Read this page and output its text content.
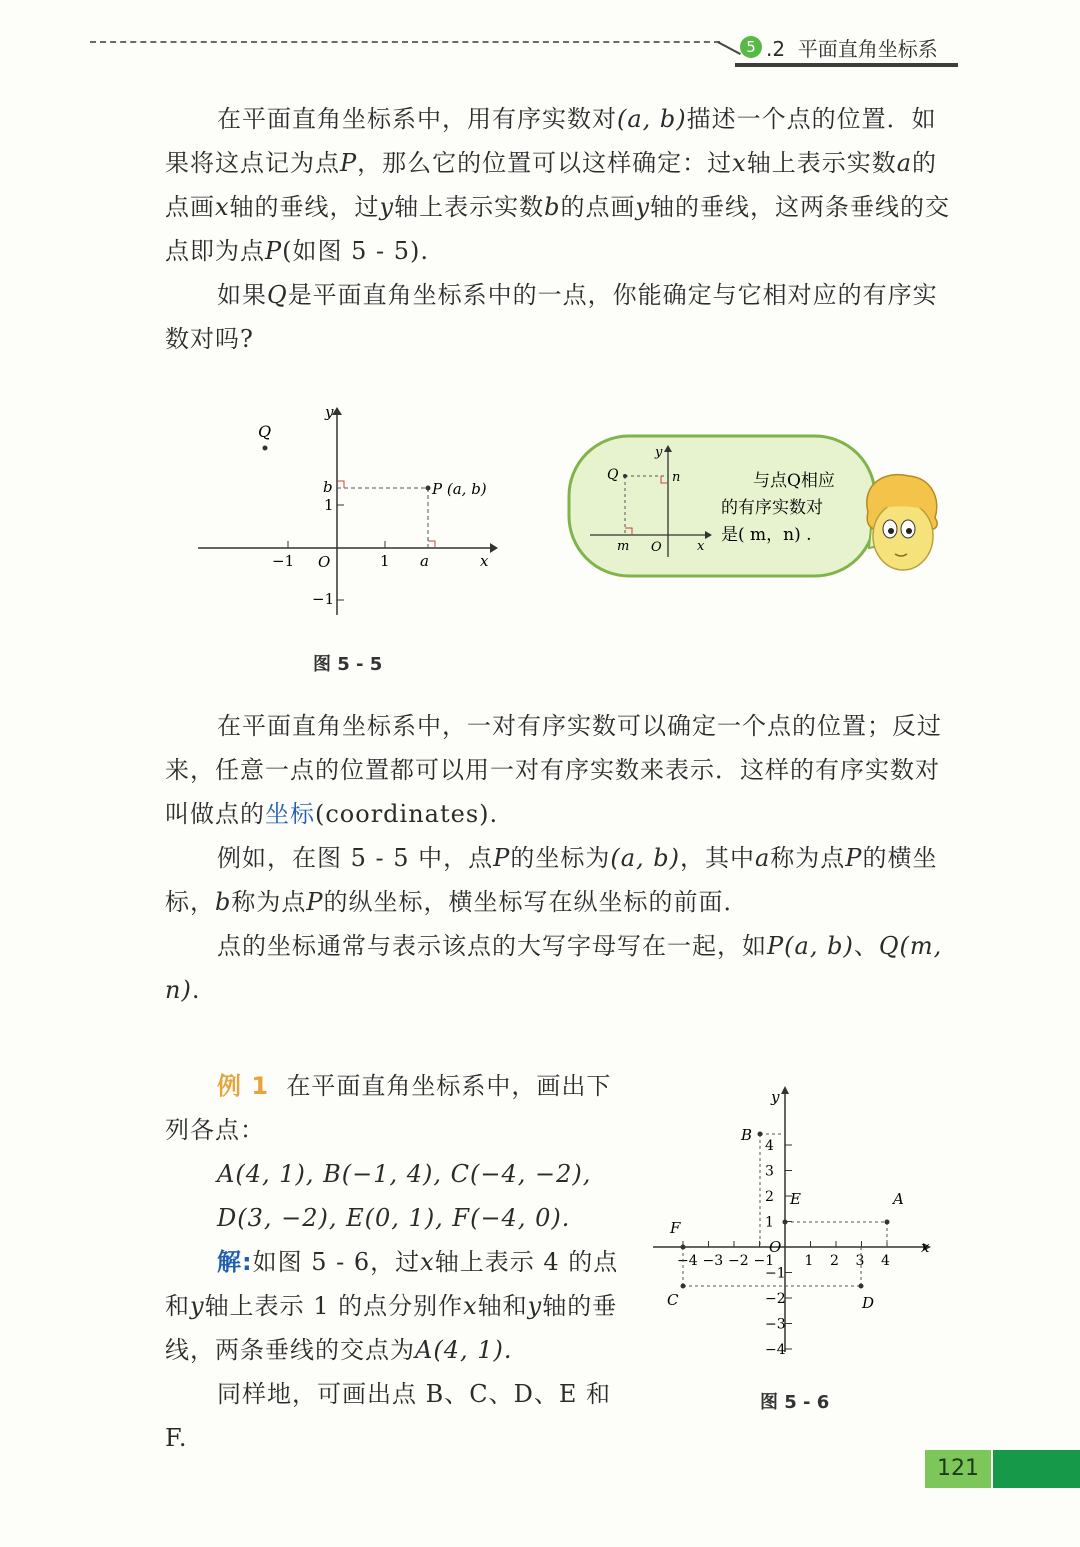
5 .2 平面直角坐标系

在平面直角坐标系中，用有序实数对(a, b)描述一个点的位置．如果将这点记为点P，那么它的位置可以这样确定：过x轴上表示实数a的点画x轴的垂线，过y轴上表示实数b的点画y轴的垂线，这两条垂线的交点即为点P(如图 5 - 5).

如果Q是平面直角坐标系中的一点，你能确定与它相对应的有序实数对吗?

y
x
O
−1	1 a
1
b
−1
P (a, b)
Q
图 5 - 5
y
x
O
m
n
Q	与点Q相应
的有序实数对
是( m，n) .

在平面直角坐标系中，一对有序实数可以确定一个点的位置；反过来，任意一点的位置都可以用一对有序实数来表示．这样的有序实数对叫做点的坐标(coordinates).

例如，在图 5 - 5 中，点P的坐标为(a, b)，其中a称为点P的横坐标，b称为点P的纵坐标，横坐标写在纵坐标的前面．

点的坐标通常与表示该点的大写字母写在一起，如P(a, b)、Q(m, n).

例 1 在平面直角坐标系中，画出下列各点：

A(4, 1), B(−1, 4), C(−4, −2),

D(3, −2), E(0, 1), F(−4, 0).

解:如图 5 - 6，过x轴上表示 4 的点和y轴上表示 1 的点分别作x轴和y轴的垂线，两条垂线的交点为A(4, 1).

同样地，可画出点 B、C、D、E 和 F.

−4 −3 −2 −1 1 2 3 4
4
3
2
1
−1
−2
−3
−4
A
B
C	D
E
F
y
x
O
图 5 - 6
121
